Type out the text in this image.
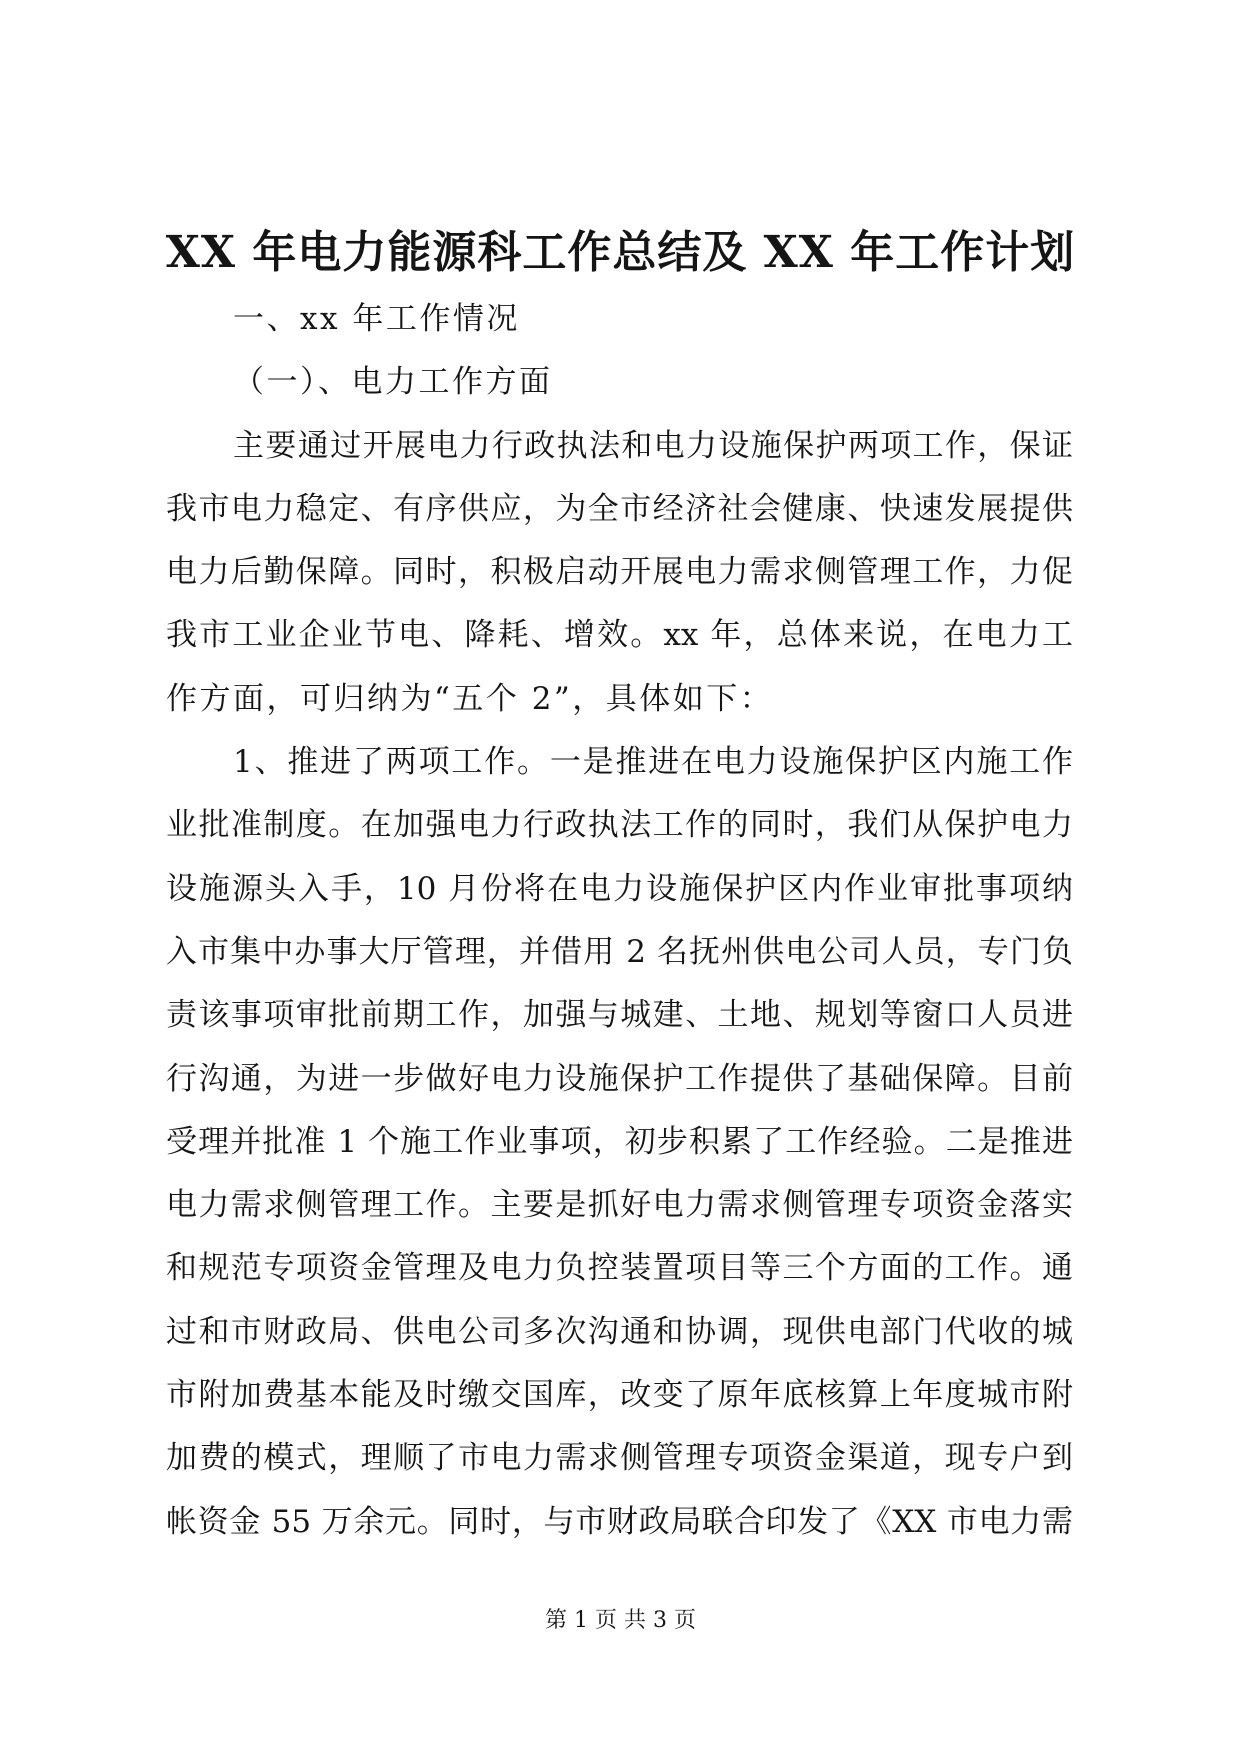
XX 年电力能源科工作总结及 XX 年工作计划
一、xx 年工作情况
（一）、电力工作方面
主要通过开展电力行政执法和电力设施保护两项工作，保证
我市电力稳定、有序供应，为全市经济社会健康、快速发展提供
电力后勤保障。同时，积极启动开展电力需求侧管理工作，力促
我市工业企业节电、降耗、增效。xx 年，总体来说，在电力工
作方面，可归纳为“五个 2”，具体如下：
1、推进了两项工作。一是推进在电力设施保护区内施工作
业批准制度。在加强电力行政执法工作的同时，我们从保护电力
设施源头入手，10 月份将在电力设施保护区内作业审批事项纳
入市集中办事大厅管理，并借用 2 名抚州供电公司人员，专门负
责该事项审批前期工作，加强与城建、土地、规划等窗口人员进
行沟通，为进一步做好电力设施保护工作提供了基础保障。目前
受理并批准 1 个施工作业事项，初步积累了工作经验。二是推进
电力需求侧管理工作。主要是抓好电力需求侧管理专项资金落实
和规范专项资金管理及电力负控装置项目等三个方面的工作。通
过和市财政局、供电公司多次沟通和协调，现供电部门代收的城
市附加费基本能及时缴交国库，改变了原年底核算上年度城市附
加费的模式，理顺了市电力需求侧管理专项资金渠道，现专户到
帐资金 55 万余元。同时，与市财政局联合印发了《XX 市电力需
第 1 页 共 3 页
